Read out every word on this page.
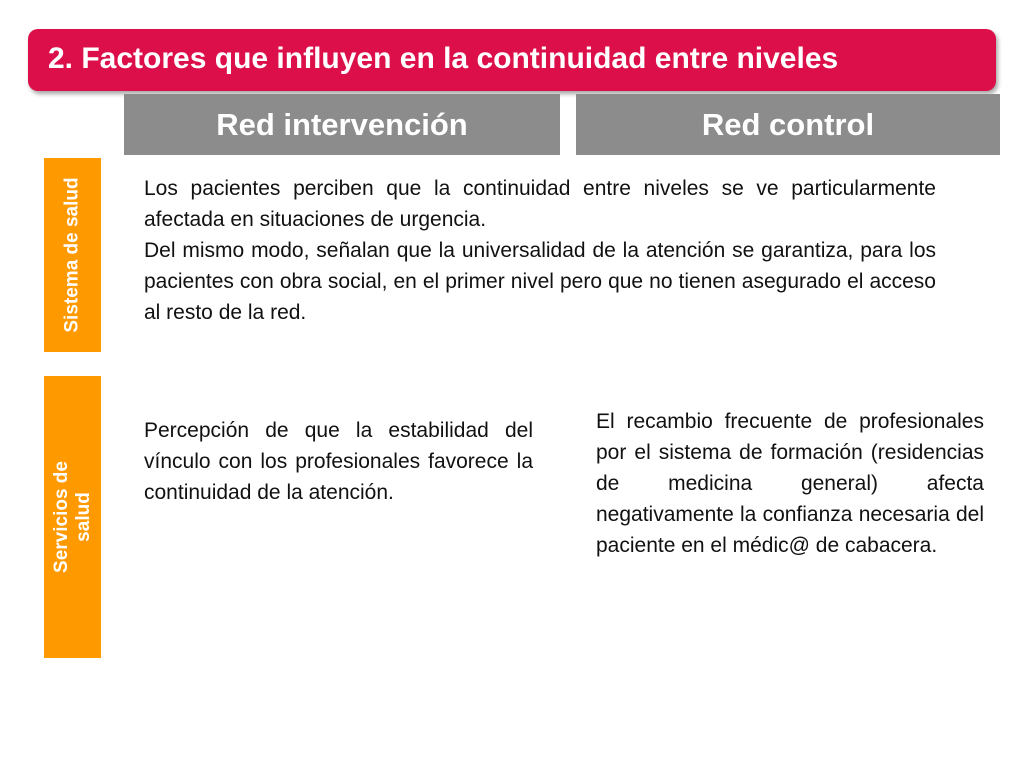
2. Factores que influyen en la continuidad entre niveles
Red intervención	Red control
Sistema de salud
Servicios de salud

Los pacientes perciben que la continuidad entre niveles se ve particularmente afectada en situaciones de urgencia.

Del mismo modo, señalan que la universalidad de la atención se garantiza, para los pacientes con obra social, en el primer nivel pero que no tienen asegurado el acceso al resto de la red.

Percepción de que la estabilidad del vínculo con los profesionales favorece la continuidad de la atención.

El recambio frecuente de profesionales por el sistema de formación (residencias de medicina general) afecta negativamente la confianza necesaria del paciente en el médic@ de cabacera.
